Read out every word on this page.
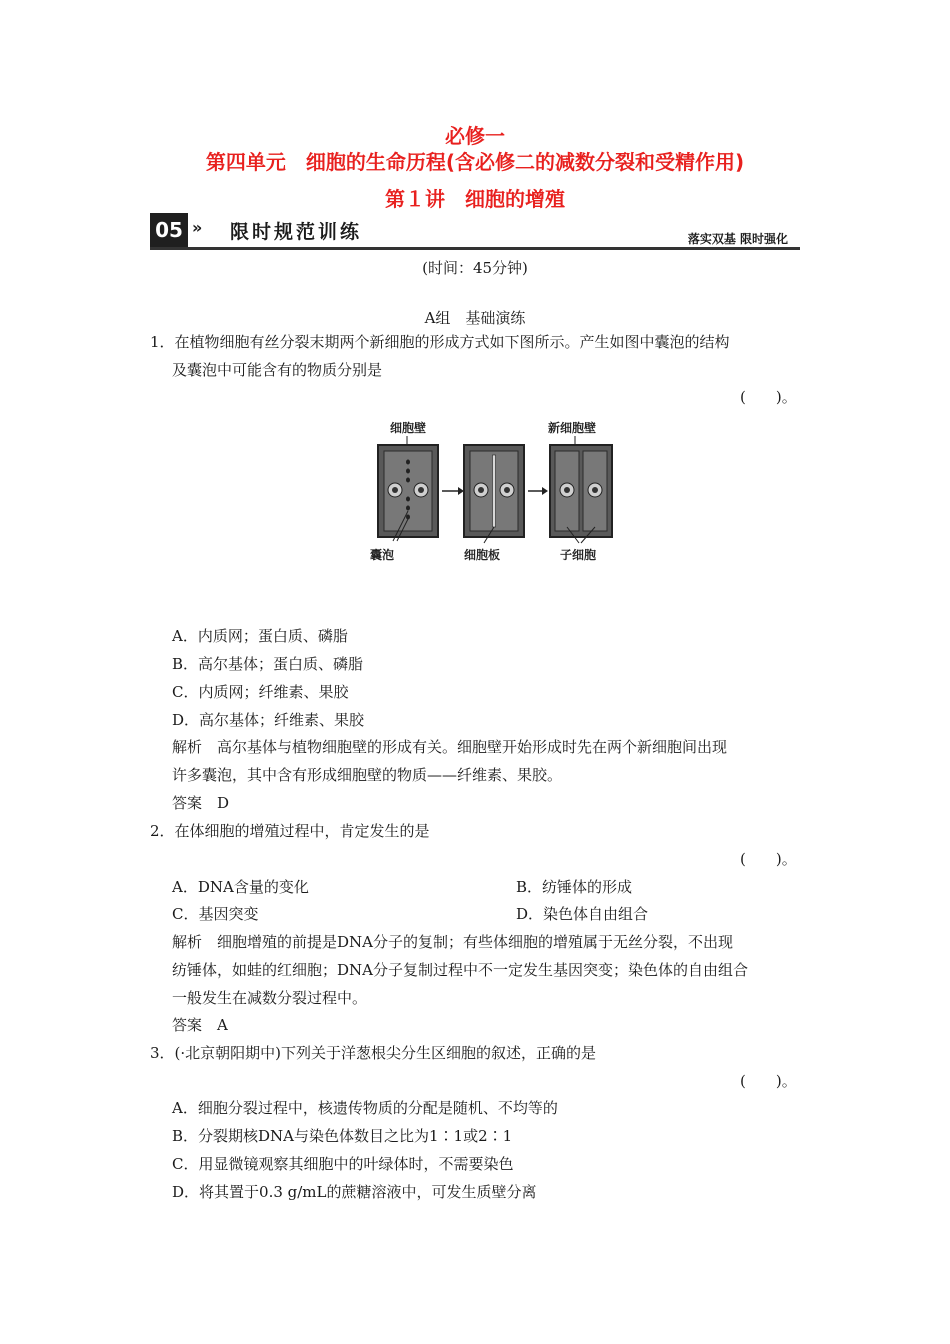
必修一
第四单元　细胞的生命历程(含必修二的减数分裂和受精作用)
第１讲　细胞的增殖
05 » 限时规范训练	落实双基 限时强化
(时间：45分钟)
A组　基础演练
1．在植物细胞有丝分裂末期两个新细胞的形成方式如下图所示。产生如图中囊泡的结构
及囊泡中可能含有的物质分别是
(　　)。
细胞壁	新细胞壁
囊泡	细胞板	子细胞
A．内质网；蛋白质、磷脂
B．高尔基体；蛋白质、磷脂
C．内质网；纤维素、果胶
D．高尔基体；纤维素、果胶
解析　高尔基体与植物细胞壁的形成有关。细胞壁开始形成时先在两个新细胞间出现
许多囊泡，其中含有形成细胞壁的物质——纤维素、果胶。
答案　D
2．在体细胞的增殖过程中，肯定发生的是
(　　)。
A．DNA含量的变化	B．纺锤体的形成
C．基因突变	D．染色体自由组合
解析　细胞增殖的前提是DNA分子的复制；有些体细胞的增殖属于无丝分裂，不出现
纺锤体，如蛙的红细胞；DNA分子复制过程中不一定发生基因突变；染色体的自由组合
一般发生在减数分裂过程中。
答案　A
3．(·北京朝阳期中)下列关于洋葱根尖分生区细胞的叙述，正确的是
(　　)。
A．细胞分裂过程中，核遗传物质的分配是随机、不均等的
B．分裂期核DNA与染色体数目之比为1∶1或2∶1
C．用显微镜观察其细胞中的叶绿体时，不需要染色
D．将其置于0.3 g/mL的蔗糖溶液中，可发生质壁分离
